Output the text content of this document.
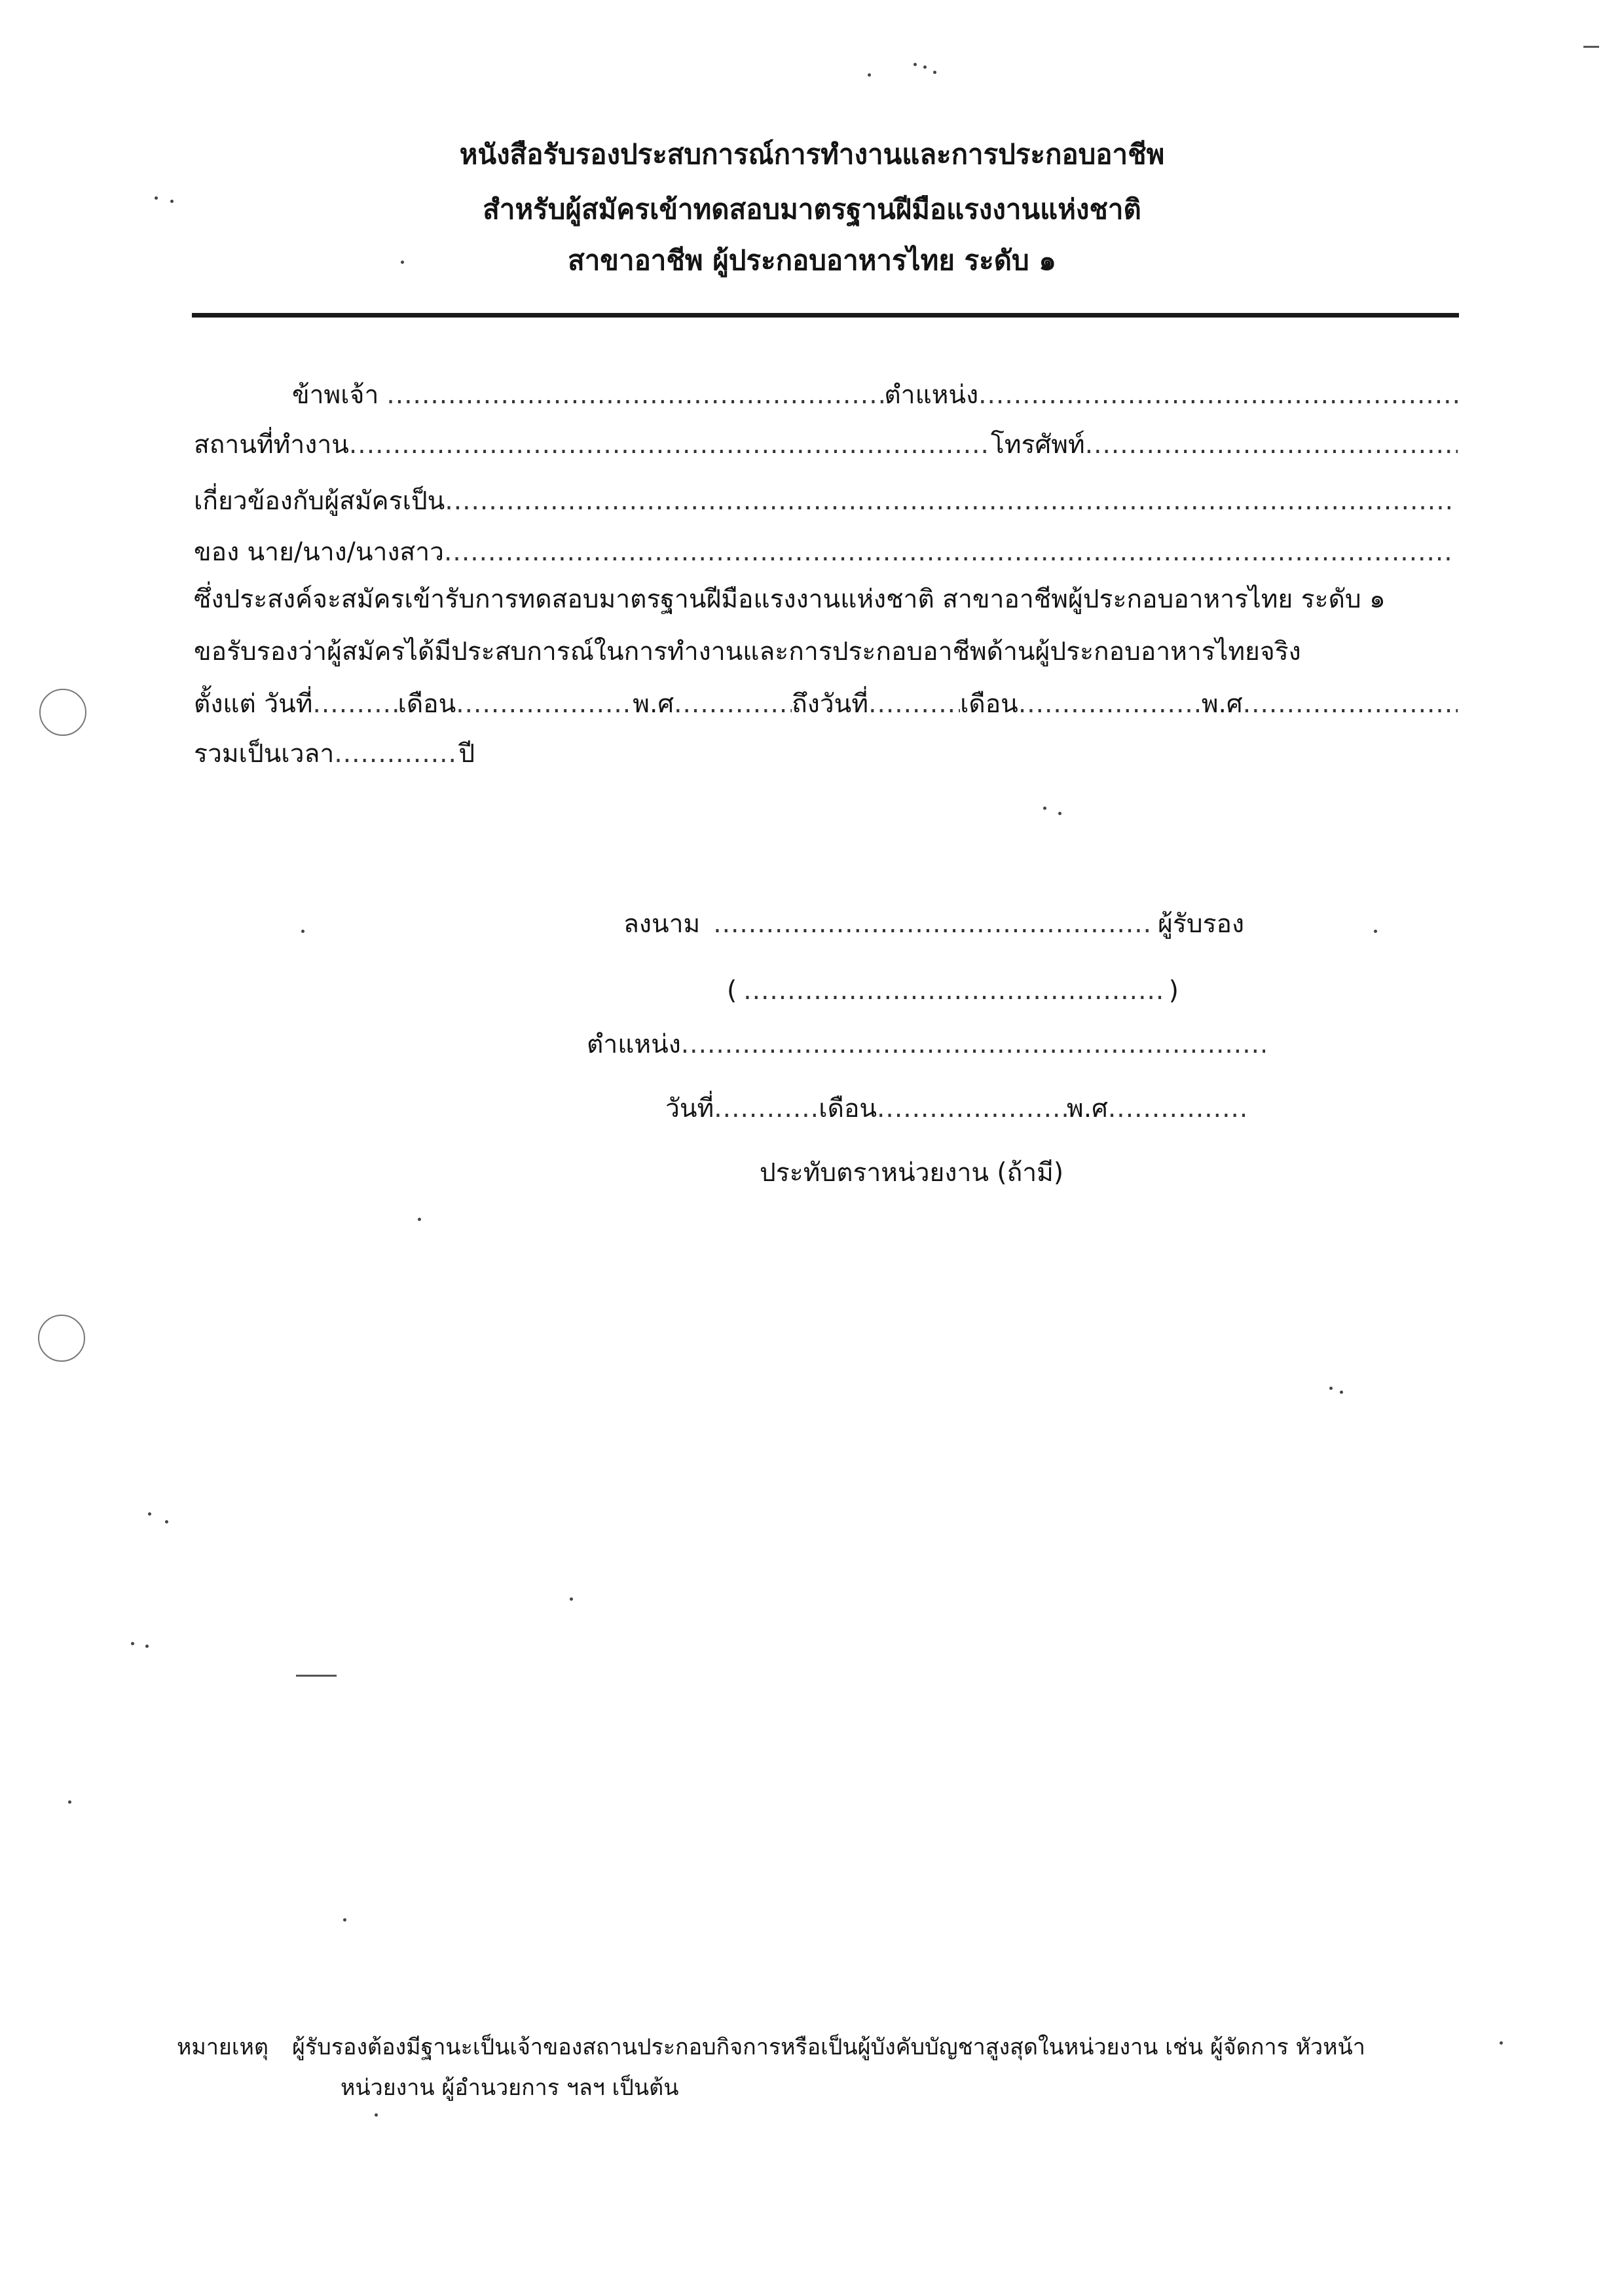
หนังสือรับรองประสบการณ์การทำงานและการประกอบอาชีพ
สำหรับผู้สมัครเข้าทดสอบมาตรฐานฝีมือแรงงานแห่งชาติ
สาขาอาชีพ ผู้ประกอบอาหารไทย ระดับ ๑
ข้าพเจ้า .....	ตำแหน่ง
.....
สถานที่ทำงาน .....	โทรศัพท์
.....
เกี่ยวข้องกับผู้สมัครเป็น
.....
ของ นาย/นาง/นางสาว
.....
ซึ่งประสงค์จะสมัครเข้ารับการทดสอบมาตรฐานฝีมือแรงงานแห่งชาติ สาขาอาชีพผู้ประกอบอาหารไทย ระดับ ๑
ขอรับรองว่าผู้สมัครได้มีประสบการณ์ในการทำงานและการประกอบอาชีพด้านผู้ประกอบอาหารไทยจริง
ตั้งแต่ วันที่ .....	เดือน .....	พ.ศ .....	ถึงวันที่ .....	เดือน .....	พ.ศ
.....
รวมเป็นเวลา .....	ปี
ลงนาม .....	ผู้รับรอง
( .....	)
ตำแหน่ง
.....
วันที่ .....	เดือน .....	พ.ศ
.....
ประทับตราหน่วยงาน (ถ้ามี)
หมายเหตุ ผู้รับรองต้องมีฐานะเป็นเจ้าของสถานประกอบกิจการหรือเป็นผู้บังคับบัญชาสูงสุดในหน่วยงาน เช่น ผู้จัดการ หัวหน้า
หน่วยงาน ผู้อำนวยการ ฯลฯ เป็นต้น
